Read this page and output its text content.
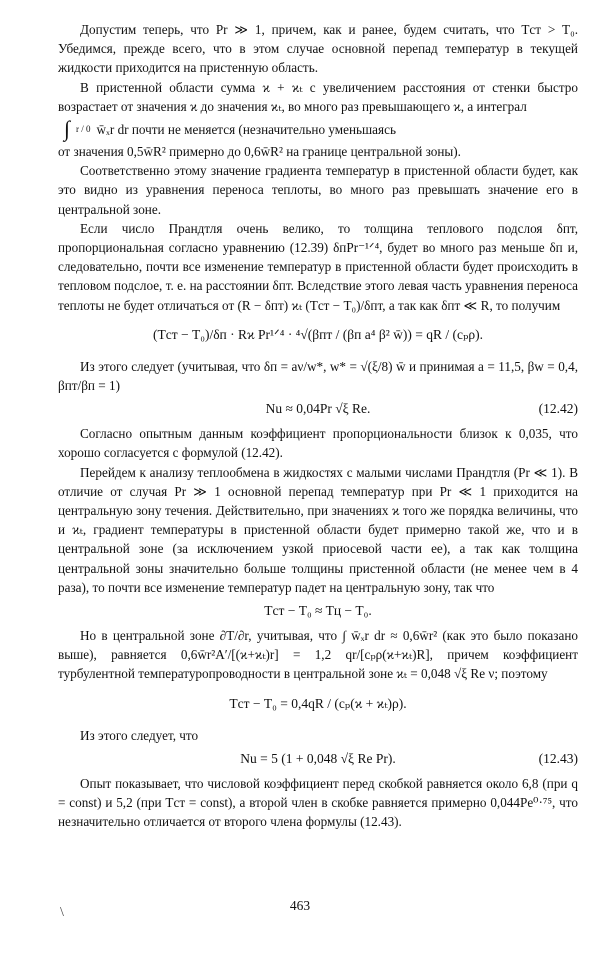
Допустим теперь, что Pr ≫ 1, причем, как и ранее, будем считать, что Tст > T₀. Убедимся, прежде всего, что в этом случае основной перепад температур в текущей жидкости приходится на пристенную область.

В пристенной области сумма ϰ + ϰₜ с увеличением расстояния от стенки быстро возрастает от значения ϰ до значения ϰₜ, во много раз превышающего ϰ, а интеграл

∫ r / 0 w̄ₓr dr почти не меняется (незначительно уменьшаясь

от значения 0,5w̄R² примерно до 0,6w̄R² на границе центральной зоны).

Соответственно этому значение градиента температур в пристенной области будет, как это видно из уравнения переноса теплоты, во много раз превышать значение его в центральной зоне.

Если число Прандтля очень велико, то толщина теплового подслоя δпт, пропорциональная согласно уравнению (12.39) δпPr⁻¹ᐟ⁴, будет во много раз меньше δп и, следовательно, почти все изменение температур в пристенной области будет происходить в тепловом подслое, т. е. на расстоянии δпт. Вследствие этого левая часть уравнения переноса теплоты не будет отличаться от (R − δпт) ϰₜ (Tст − T₀)/δпт, а так как δпт ≪ R, то получим

(Tст − T₀)/δп · Rϰ Pr¹ᐟ⁴ · ⁴√(βпт / (βп a⁴ β² w̄)) = qR / (cₚρ).

Из этого следует (учитывая, что δп = aν/w*, w* = √(ξ/8) w̄ и принимая a = 11,5, βw = 0,4, βпт/βп = 1)

Nu ≈ 0,04Pr √ξ Re.	(12.42)

Согласно опытным данным коэффициент пропорциональности близок к 0,035, что хорошо согласуется с формулой (12.42).

Перейдем к анализу теплообмена в жидкостях с малыми числами Прандтля (Pr ≪ 1). В отличие от случая Pr ≫ 1 основной перепад температур при Pr ≪ 1 приходится на центральную зону течения. Действительно, при значениях ϰ того же порядка величины, что и ϰₜ, градиент температуры в пристенной области будет примерно такой же, что и в центральной зоне (за исключением узкой приосевой части ее), а так как толщина центральной зоны значительно больше толщины пристенной области (не менее чем в 4 раза), то почти все изменение температур падет на центральную зону, так что

Tст − T₀ ≈ Tц − T₀.

Но в центральной зоне ∂T/∂r, учитывая, что ∫ w̄ₓr dr ≈ 0,6w̄r² (как это было показано выше), равняется 0,6w̄r²A′/[(ϰ+ϰₜ)r] = 1,2 qr/[cₚρ(ϰ+ϰₜ)R], причем коэффициент турбулентной температуропроводности в центральной зоне ϰₜ = 0,048 √ξ Re ν; поэтому

Tст − T₀ = 0,4qR / (cₚ(ϰ + ϰₜ)ρ).

Из этого следует, что

Nu = 5 (1 + 0,048 √ξ Re Pr).	(12.43)

Опыт показывает, что числовой коэффициент перед скобкой равняется около 6,8 (при q = const) и 5,2 (при Tст = const), а второй член в скобке равняется примерно 0,044Pe⁰·⁷⁵, что незначительно отличается от второго члена формулы (12.43).

\	463
